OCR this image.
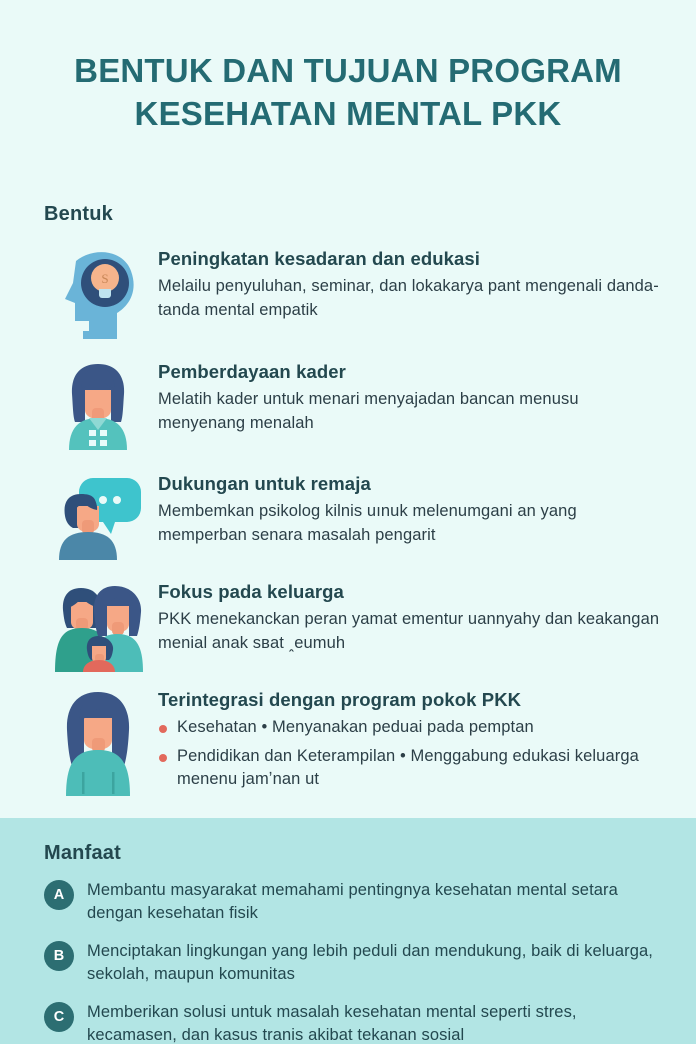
BENTUK DAN TUJUAN PROGRAM KESEHATAN MENTAL PKK
Bentuk
S

Peningkatan kesadaran dan edukasi

Melailu penyuluhan, seminar, dan lokakarya pant mengenali danda-tanda mental empatik

Pemberdayaan kader

Melatih kader untuk menari menyajadan bancan menusu menyenang menalah

Dukungan untuk remaja

Membemkan psikolog kilnis uınuk melenumgani an yang memperban senara masalah pengarit

Fokus pada keluarga

PKK menekanckan peran yamat ementur uannyahy dan keakangan menial anak sʙat ꞈeumuh

Terintegrasi dengan program pokok PKK

Kesehatan • Menyanakan peduai pada pemptan
Pendidikan dan Keterampilan • Menggabung edukasi keluarga menenu jamʼnan ut
Manfaat
A	Membantu masyarakat memahami pentingnya kesehatan mental setara dengan kesehatan fisik
B	Menciptakan lingkungan yang lebih peduli dan mendukung, baik di keluarga, sekolah, maupun komunitas
C	Memberikan solusi untuk masalah kesehatan mental seperti stres, kecamasen, dan kasus tranis akibat tekanan sosial
